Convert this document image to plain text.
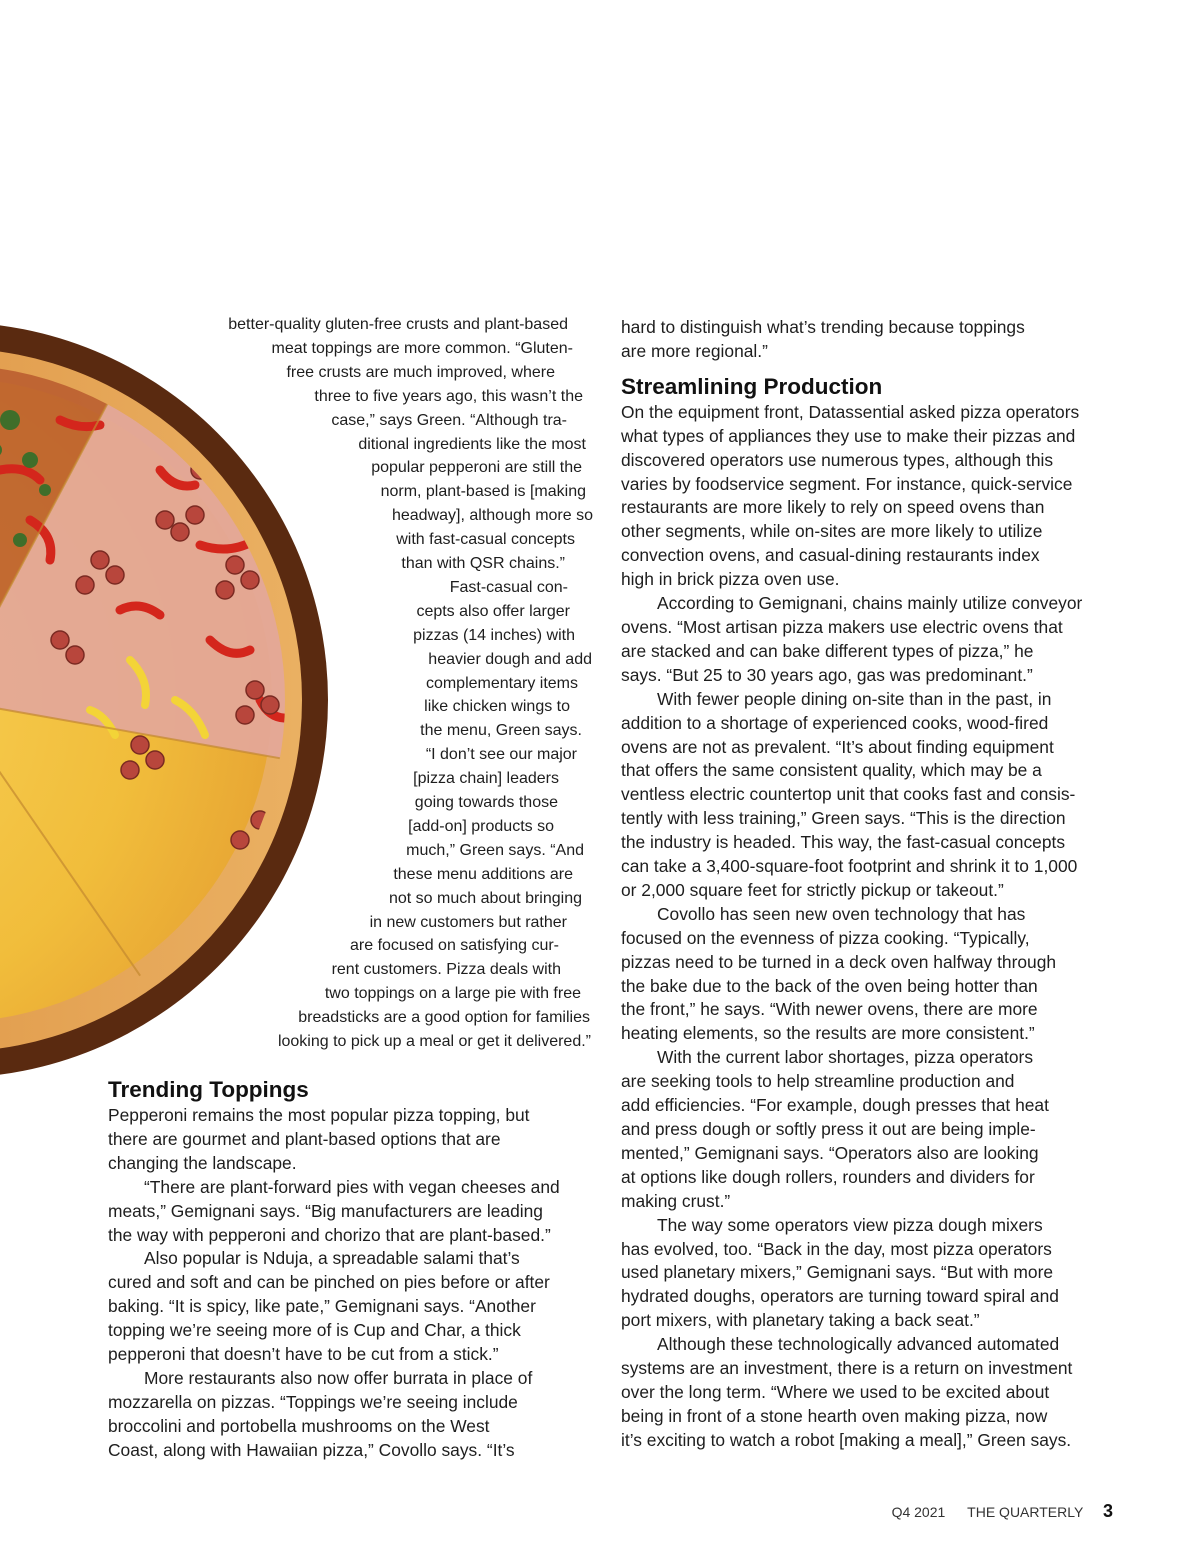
Trending Toppings
Pepperoni remains the most popular pizza topping, but
there are gourmet and plant-based options that are
changing the landscape.
“There are plant-forward pies with vegan cheeses and
meats,” Gemignani says. “Big manufacturers are leading
the way with pepperoni and chorizo that are plant-based.”
Also popular is Nduja, a spreadable salami that’s
cured and soft and can be pinched on pies before or after
baking. “It is spicy, like pate,” Gemignani says. “Another
topping we’re seeing more of is Cup and Char, a thick
pepperoni that doesn’t have to be cut from a stick.”
More restaurants also now offer burrata in place of
mozzarella on pizzas. “Toppings we’re seeing include
broccolini and portobella mushrooms on the West
Coast, along with Hawaiian pizza,” Covollo says. “It’s
hard to distinguish what’s trending because toppings
are more regional.”
Streamlining Production
On the equipment front, Datassential asked pizza operators
what types of appliances they use to make their pizzas and
discovered operators use numerous types, although this
varies by foodservice segment. For instance, quick-service
restaurants are more likely to rely on speed ovens than
other segments, while on-sites are more likely to utilize
convection ovens, and casual-dining restaurants index
high in brick pizza oven use.
According to Gemignani, chains mainly utilize conveyor
ovens. “Most artisan pizza makers use electric ovens that
are stacked and can bake different types of pizza,” he
says. “But 25 to 30 years ago, gas was predominant.”
With fewer people dining on-site than in the past, in
addition to a shortage of experienced cooks, wood-fired
ovens are not as prevalent. “It’s about finding equipment
that offers the same consistent quality, which may be a
ventless electric countertop unit that cooks fast and consis-
tently with less training,” Green says. “This is the direction
the industry is headed. This way, the fast-casual concepts
can take a 3,400-square-foot footprint and shrink it to 1,000
or 2,000 square feet for strictly pickup or takeout.”
Covollo has seen new oven technology that has
focused on the evenness of pizza cooking. “Typically,
pizzas need to be turned in a deck oven halfway through
the bake due to the back of the oven being hotter than
the front,” he says. “With newer ovens, there are more
heating elements, so the results are more consistent.”
With the current labor shortages, pizza operators
are seeking tools to help streamline production and
add efficiencies. “For example, dough presses that heat
and press dough or softly press it out are being imple-
mented,” Gemignani says. “Operators also are looking
at options like dough rollers, rounders and dividers for
making crust.”
The way some operators view pizza dough mixers
has evolved, too. “Back in the day, most pizza operators
used planetary mixers,” Gemignani says. “But with more
hydrated doughs, operators are turning toward spiral and
port mixers, with planetary taking a back seat.”
Although these technologically advanced automated
systems are an investment, there is a return on investment
over the long term. “Where we used to be excited about
being in front of a stone hearth oven making pizza, now
it’s exciting to watch a robot [making a meal],” Green says.
Q4 2021 THE QUARTERLY 3
better-quality gluten-free crusts and plant-based
meat toppings are more common. “Gluten-
free crusts are much improved, where
three to five years ago, this wasn’t the
case,” says Green. “Although tra-
ditional ingredients like the most
popular pepperoni are still the
norm, plant-based is [making
headway], although more so
with fast-casual concepts
than with QSR chains.”
Fast-casual con-
cepts also offer larger
pizzas (14 inches) with
heavier dough and add
complementary items
like chicken wings to
the menu, Green says.
“I don’t see our major
[pizza chain] leaders
going towards those
[add-on] products so
much,” Green says. “And
these menu additions are
not so much about bringing
in new customers but rather
are focused on satisfying cur-
rent customers. Pizza deals with
two toppings on a large pie with free
breadsticks are a good option for families
looking to pick up a meal or get it delivered.”
